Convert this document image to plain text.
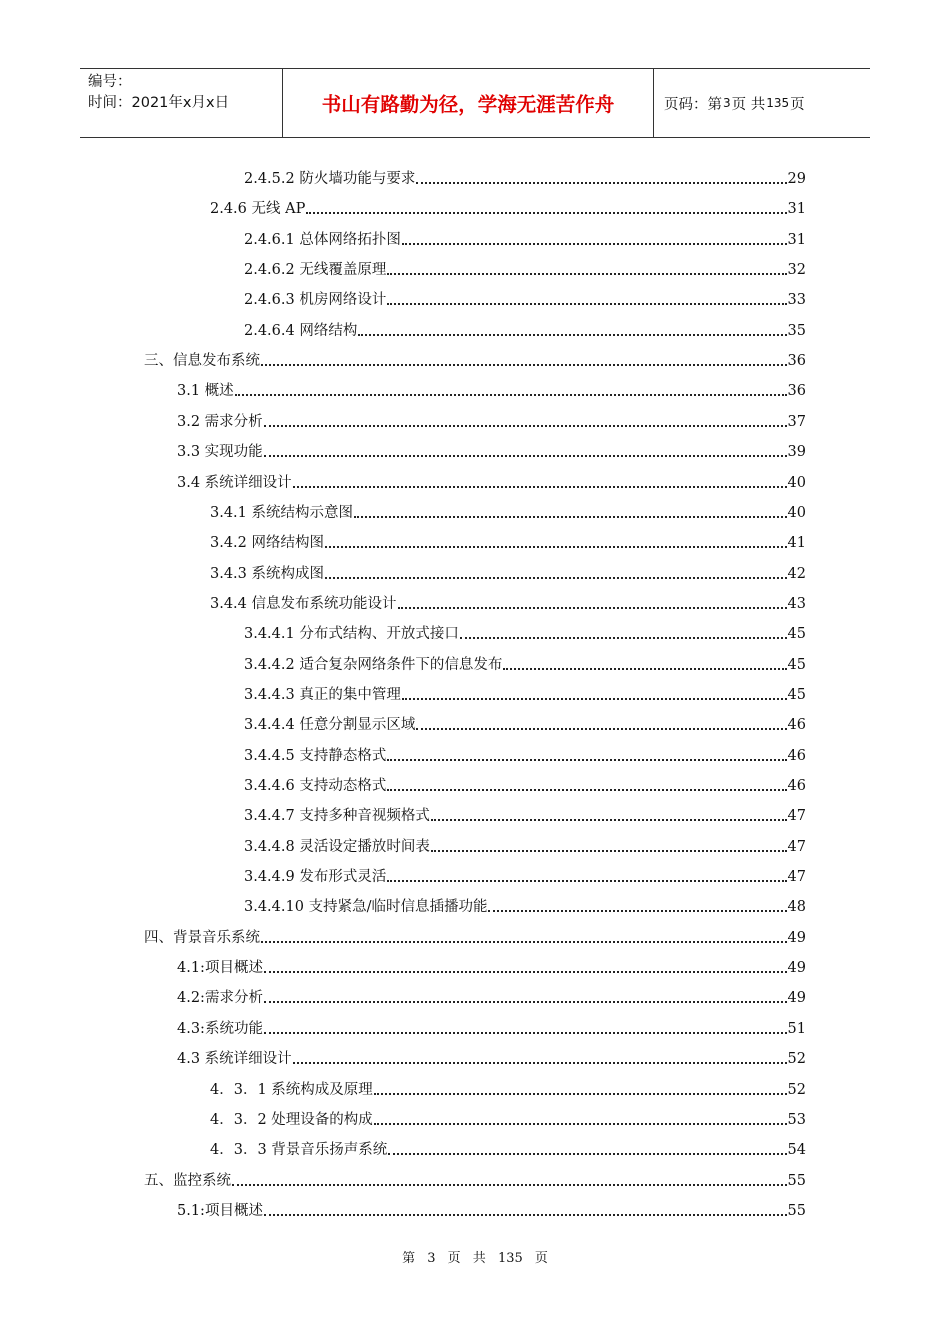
编号：
时间：2021年x月x日	书山有路勤为径，学海无涯苦作舟	页码：第 3 页 共 135 页
2.4.5.2 防火墙功能与要求	29
2.4.6 无线 AP	31
2.4.6.1 总体网络拓扑图	31
2.4.6.2 无线覆盖原理	32
2.4.6.3 机房网络设计	33
2.4.6.4 网络结构	35
三、信息发布系统	36
3.1 概述	36
3.2 需求分析	37
3.3 实现功能	39
3.4 系统详细设计	40
3.4.1 系统结构示意图	40
3.4.2 网络结构图	41
3.4.3 系统构成图	42
3.4.4 信息发布系统功能设计	43
3.4.4.1 分布式结构、开放式接口	45
3.4.4.2 适合复杂网络条件下的信息发布	45
3.4.4.3 真正的集中管理	45
3.4.4.4 任意分割显示区域	46
3.4.4.5 支持静态格式	46
3.4.4.6 支持动态格式	46
3.4.4.7 支持多种音视频格式	47
3.4.4.8 灵活设定播放时间表	47
3.4.4.9 发布形式灵活	47
3.4.4.10 支持紧急/临时信息插播功能	48
四、背景音乐系统	49
4.1:项目概述	49
4.2:需求分析	49
4.3:系统功能	51
4.3 系统详细设计	52
4．3．1 系统构成及原理	52
4．3．2 处理设备的构成	53
4．3．3 背景音乐扬声系统	54
五、监控系统	55
5.1:项目概述	55
第 3 页 共 135 页
